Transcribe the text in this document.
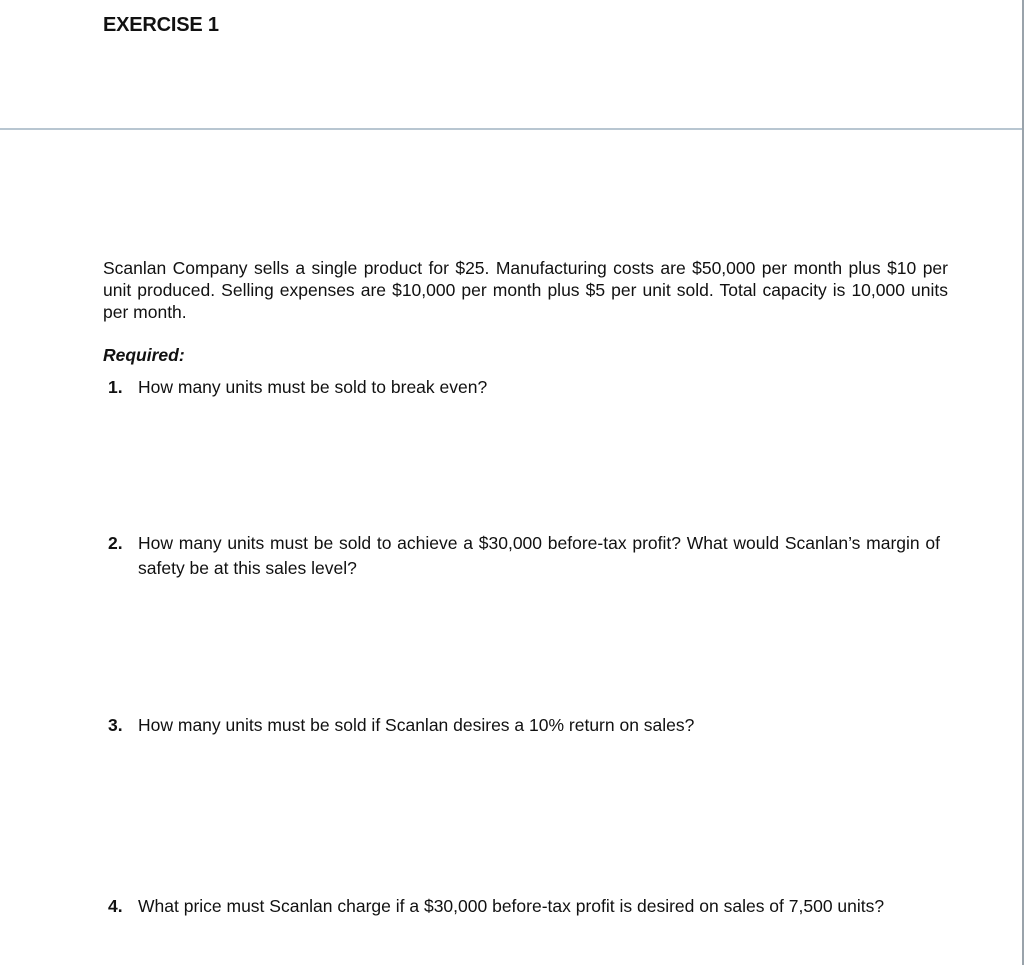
EXERCISE 1
Scanlan Company sells a single product for $25. Manufacturing costs are $50,000 per month plus $10 per unit produced. Selling expenses are $10,000 per month plus $5 per unit sold. Total capacity is 10,000 units per month.
Required:
1. How many units must be sold to break even?
2. How many units must be sold to achieve a $30,000 before-tax profit? What would Scanlan’s margin of safety be at this sales level?
3. How many units must be sold if Scanlan desires a 10% return on sales?
4. What price must Scanlan charge if a $30,000 before-tax profit is desired on sales of 7,500 units?
